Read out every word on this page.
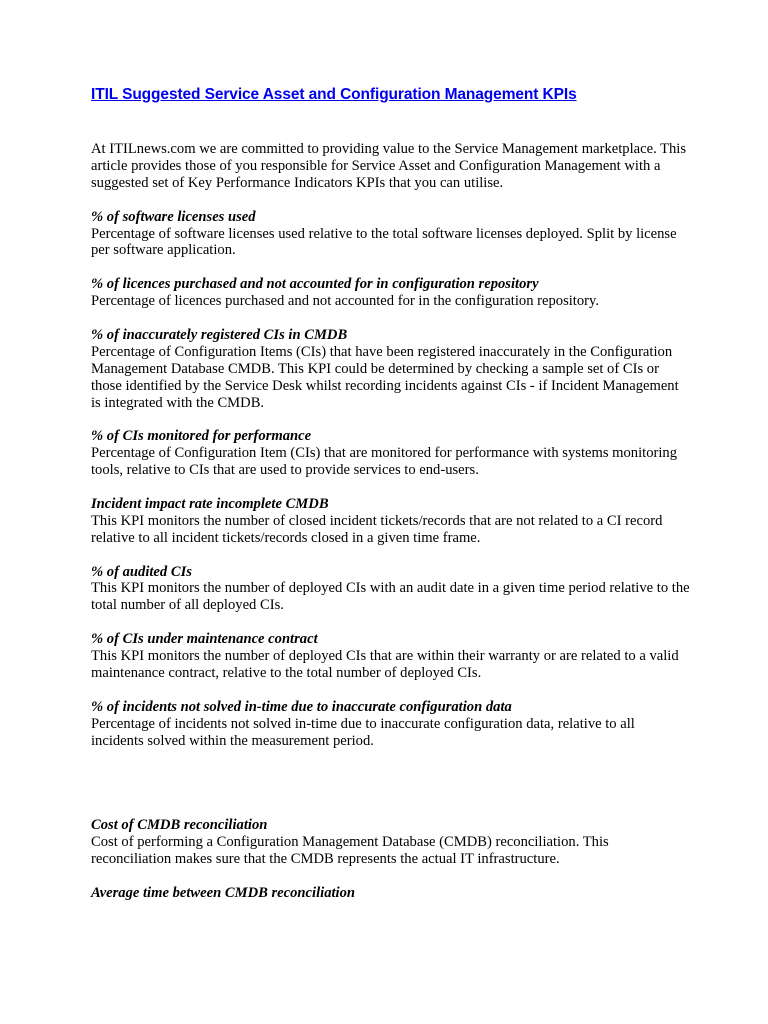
ITIL Suggested Service Asset and Configuration Management KPIs

At ITILnews.com we are committed to providing value to the Service Management marketplace. This article provides those of you responsible for Service Asset and Configuration Management with a suggested set of Key Performance Indicators KPIs that you can utilise.

% of software licenses used
Percentage of software licenses used relative to the total software licenses deployed. Split by license per software application.
% of licences purchased and not accounted for in configuration repository
Percentage of licences purchased and not accounted for in the configuration repository.
% of inaccurately registered CIs in CMDB
Percentage of Configuration Items (CIs) that have been registered inaccurately in the Configuration Management Database CMDB. This KPI could be determined by checking a sample set of CIs or those identified by the Service Desk whilst recording incidents against CIs - if Incident Management is integrated with the CMDB.
% of CIs monitored for performance
Percentage of Configuration Item (CIs) that are monitored for performance with systems monitoring tools, relative to CIs that are used to provide services to end-users.
Incident impact rate incomplete CMDB
This KPI monitors the number of closed incident tickets/records that are not related to a CI record relative to all incident tickets/records closed in a given time frame.
% of audited CIs
This KPI monitors the number of deployed CIs with an audit date in a given time period relative to the total number of all deployed CIs.
% of CIs under maintenance contract
This KPI monitors the number of deployed CIs that are within their warranty or are related to a valid maintenance contract, relative to the total number of deployed CIs.
% of incidents not solved in-time due to inaccurate configuration data
Percentage of incidents not solved in-time due to inaccurate configuration data, relative to all incidents solved within the measurement period.
Cost of CMDB reconciliation
Cost of performing a Configuration Management Database (CMDB) reconciliation. This reconciliation makes sure that the CMDB represents the actual IT infrastructure.
Average time between CMDB reconciliation
